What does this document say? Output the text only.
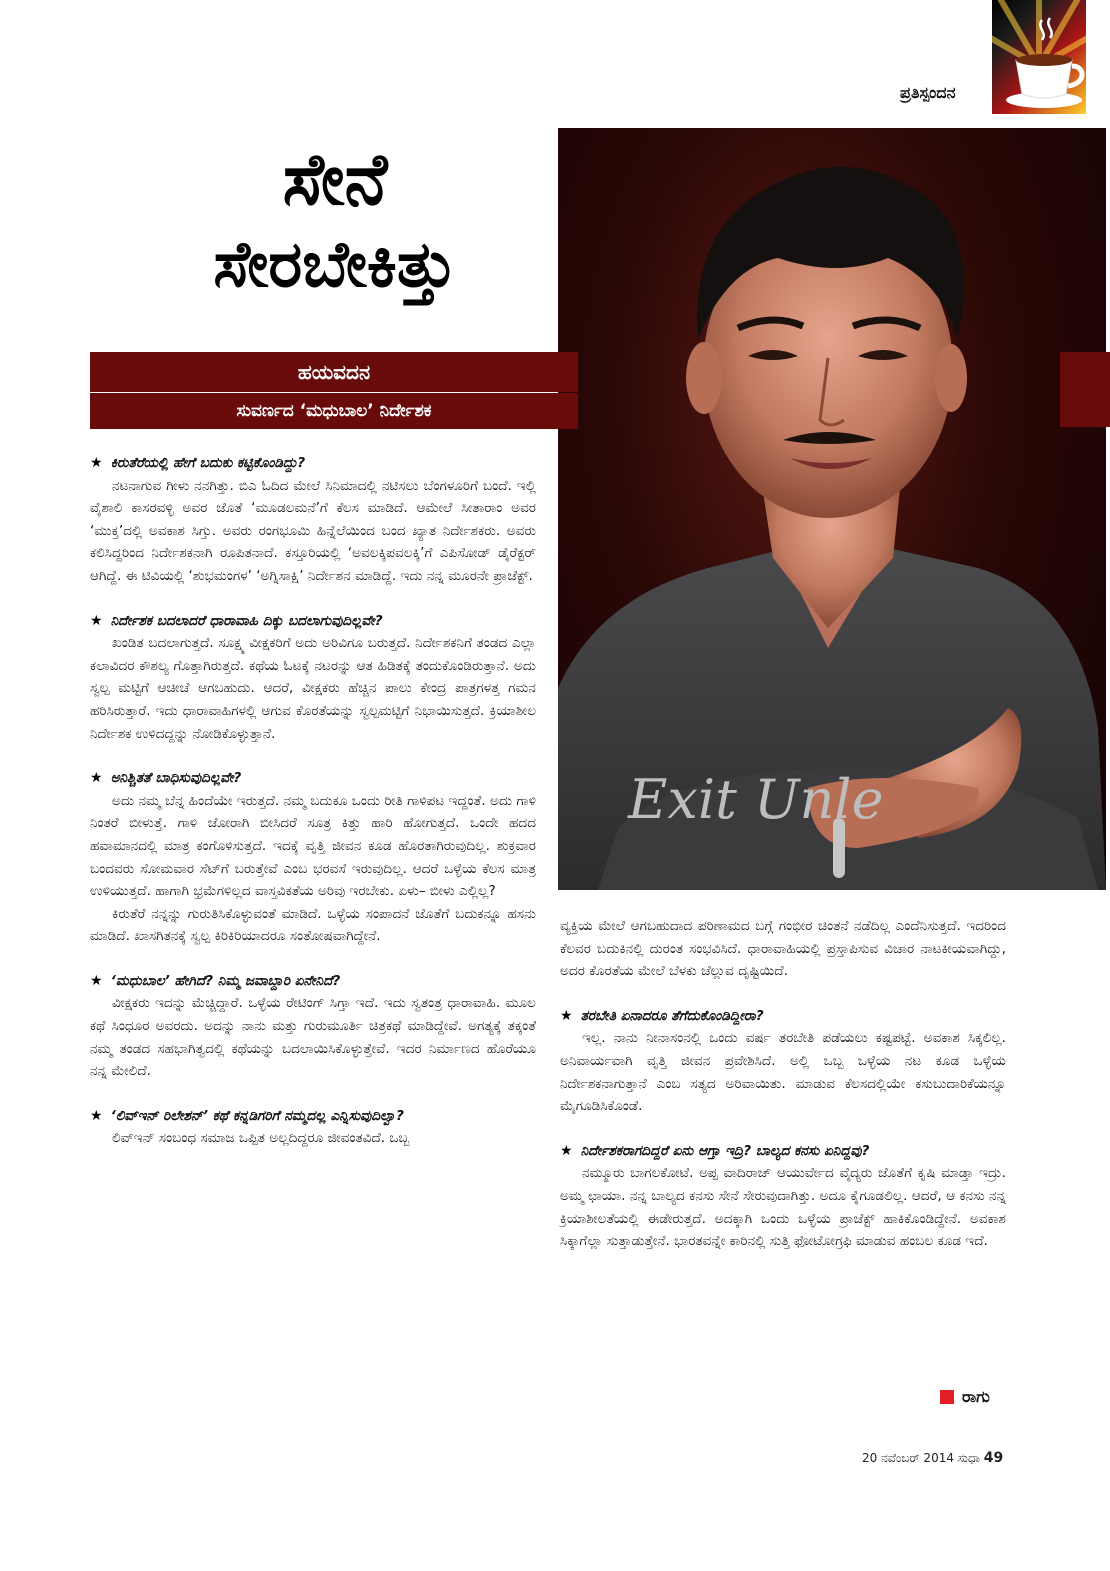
ಪ್ರತಿಸ್ಪಂದನ
ಸೇನೆ
ಸೇರಬೇಕಿತ್ತು
Exit Unle
ಹಯವದನ
ಸುವರ್ಣದ ‘ಮಧುಬಾಲ’ ನಿರ್ದೇಶಕ
★ ಕಿರುತೆರೆಯಲ್ಲಿ ಹೇಗೆ ಬದುಕು ಕಟ್ಟಿಕೊಂಡಿದ್ದು?

ನಟನಾಗುವ ಗೀಳು ನನಗಿತ್ತು. ಬಿಎ ಓದಿದ ಮೇಲೆ ಸಿನಿಮಾದಲ್ಲಿ ನಟಿಸಲು ಬೆಂಗಳೂರಿಗೆ ಬಂದೆ. ಇಲ್ಲಿ ವೈಶಾಲಿ ಕಾಸರವಳ್ಳಿ ಅವರ ಜೊತೆ ‘ಮೂಡಲಮನೆ’ಗೆ ಕೆಲಸ ಮಾಡಿದೆ. ಆಮೇಲೆ ಸೀತಾರಾಂ ಅವರ ‘ಮುಕ್ತ’ದಲ್ಲಿ ಅವಕಾಶ ಸಿಗ್ತು. ಅವರು ರಂಗಭೂಮಿ ಹಿನ್ನೆಲೆಯಿಂದ ಬಂದ ಖ್ಯಾತ ನಿರ್ದೇಶಕರು. ಅವರು ಕಲಿಸಿದ್ದರಿಂದ ನಿರ್ದೇಶಕನಾಗಿ ರೂಪಿತನಾದೆ. ಕಸ್ತೂರಿಯಲ್ಲಿ ‘ಅವಲಕ್ಕಿಪವಲಕ್ಕಿ’ಗೆ ಎಪಿಸೋಡ್ ಡೈರೆಕ್ಟರ್ ಆಗಿದ್ದೆ. ಈ ಟಿವಿಯಲ್ಲಿ ‘ಶುಭಮಂಗಳ’ ‘ಅಗ್ನಿಸಾಕ್ಷಿ’ ನಿರ್ದೇಶನ ಮಾಡಿದ್ದೆ. ಇದು ನನ್ನ ಮೂರನೇ ಪ್ರಾಜೆಕ್ಟ್.

★ ನಿರ್ದೇಶಕ ಬದಲಾದರೆ ಧಾರಾವಾಹಿ ದಿಕ್ಕು ಬದಲಾಗುವುದಿಲ್ಲವೇ?

ಖಂಡಿತ ಬದಲಾಗುತ್ತದೆ. ಸೂಕ್ಷ್ಮ ವೀಕ್ಷಕರಿಗೆ ಅದು ಅರಿವಿಗೂ ಬರುತ್ತದೆ. ನಿರ್ದೇಶಕನಿಗೆ ತಂಡದ ಎಲ್ಲಾ ಕಲಾವಿದರ ಕೌಶಲ್ಯ ಗೊತ್ತಾಗಿರುತ್ತದೆ. ಕಥೆಯ ಓಟಕ್ಕೆ ನಟರನ್ನು ಆತ ಹಿಡಿತಕ್ಕೆ ತಂದುಕೊಂಡಿರುತ್ತಾನೆ. ಅದು ಸ್ವಲ್ಪ ಮಟ್ಟಿಗೆ ಆಚೀಚೆ ಆಗಬಹುದು. ಆದರೆ, ವೀಕ್ಷಕರು ಹೆಚ್ಚಿನ ಪಾಲು ಕೇಂದ್ರ ಪಾತ್ರಗಳತ್ತ ಗಮನ ಹರಿಸಿರುತ್ತಾರೆ. ಇದು ಧಾರಾವಾಹಿಗಳಲ್ಲಿ ಆಗುವ ಕೊರತೆಯನ್ನು ಸ್ವಲ್ಪಮಟ್ಟಿಗೆ ನಿಭಾಯಿಸುತ್ತದೆ. ಕ್ರಿಯಾಶೀಲ ನಿರ್ದೇಶಕ ಉಳಿದದ್ದನ್ನು ನೋಡಿಕೊಳ್ಳುತ್ತಾನೆ.

★ ಅನಿಶ್ಚಿತತೆ ಬಾಧಿಸುವುದಿಲ್ಲವೇ?

ಅದು ನಮ್ಮ ಬೆನ್ನ ಹಿಂದೆಯೇ ಇರುತ್ತದೆ. ನಮ್ಮ ಬದುಕೂ ಒಂದು ರೀತಿ ಗಾಳಿಪಟ ಇದ್ದಂತೆ. ಅದು ಗಾಳಿ ನಿಂತರೆ ಬೀಳುತ್ತೆ. ಗಾಳಿ ಜೋರಾಗಿ ಬೀಸಿದರೆ ಸೂತ್ರ ಕಿತ್ತು ಹಾರಿ ಹೋಗುತ್ತದೆ. ಒಂದೇ ಹದದ ಹವಾಮಾನದಲ್ಲಿ ಮಾತ್ರ ಕಂಗೊಳಿಸುತ್ತದೆ. ಇದಕ್ಕೆ ವೃತ್ತಿ ಜೀವನ ಕೂಡ ಹೊರತಾಗಿರುವುದಿಲ್ಲ. ಶುಕ್ರವಾರ ಬಂದವರು ಸೋಮವಾರ ಸೆಟ್‌ಗೆ ಬರುತ್ತೇವೆ ಎಂಬ ಭರವಸೆ ಇರುವುದಿಲ್ಲ. ಆದರೆ ಒಳ್ಳೆಯ ಕೆಲಸ ಮಾತ್ರ ಉಳಿಯುತ್ತದೆ. ಹಾಗಾಗಿ ಭ್ರಮೆಗಳಿಲ್ಲದ ವಾಸ್ತವಿಕತೆಯ ಅರಿವು ಇರಬೇಕು. ಏಳು– ಬೀಳು ಎಲ್ಲಿಲ್ಲ?

ಕಿರುತೆರೆ ನನ್ನನ್ನು ಗುರುತಿಸಿಕೊಳ್ಳುವಂತೆ ಮಾಡಿದೆ. ಒಳ್ಳೆಯ ಸಂಪಾದನೆ ಜೊತೆಗೆ ಬದುಕನ್ನೂ ಹಸನು ಮಾಡಿದೆ. ಖಾಸಗಿತನಕ್ಕೆ ಸ್ವಲ್ಪ ಕಿರಿಕಿರಿಯಾದರೂ ಸಂತೋಷವಾಗಿದ್ದೇನೆ.

★ ‘ಮಧುಬಾಲ’ ಹೇಗಿದೆ? ನಿಮ್ಮ ಜವಾಬ್ದಾರಿ ಏನೇನಿದೆ?

ವೀಕ್ಷಕರು ಇದನ್ನು ಮೆಚ್ಚಿದ್ದಾರೆ. ಒಳ್ಳೆಯ ರೇಟಿಂಗ್ ಸಿಗ್ತಾ ಇದೆ. ಇದು ಸ್ವತಂತ್ರ ಧಾರಾವಾಹಿ. ಮೂಲ ಕಥೆ ಸಿಂಧೂರ ಅವರದು. ಅದನ್ನು ನಾನು ಮತ್ತು ಗುರುಮೂರ್ತಿ ಚಿತ್ರಕಥೆ ಮಾಡಿದ್ದೇವೆ. ಅಗತ್ಯಕ್ಕೆ ತಕ್ಕಂತೆ ನಮ್ಮ ತಂಡದ ಸಹಭಾಗಿತ್ವದಲ್ಲಿ ಕಥೆಯನ್ನು ಬದಲಾಯಿಸಿಕೊಳ್ಳುತ್ತೇವೆ. ಇದರ ನಿರ್ಮಾಣದ ಹೊರೆಯೂ ನನ್ನ ಮೇಲಿದೆ.

★ ‘ಲಿವ್‌ಇನ್ ರಿಲೇಶನ್’ ಕಥೆ ಕನ್ನಡಿಗರಿಗೆ ನಮ್ಮದಲ್ಲ ಎನ್ನಿಸುವುದಿಲ್ವಾ?

ಲಿವ್‌ಇನ್ ಸಂಬಂಧ ಸಮಾಜ ಒಪ್ಪಿತ ಅಲ್ಲದಿದ್ದರೂ ಜೀವಂತವಿದೆ. ಒಬ್ಬ

ವ್ಯಕ್ತಿಯ ಮೇಲೆ ಆಗಬಹುದಾದ ಪರಿಣಾಮದ ಬಗ್ಗೆ ಗಂಭೀರ ಚಿಂತನೆ ನಡೆದಿಲ್ಲ ಎಂದೆನಿಸುತ್ತದೆ. ಇದರಿಂದ ಕೆಲವರ ಬದುಕಿನಲ್ಲಿ ದುರಂತ ಸಂಭವಿಸಿದೆ. ಧಾರಾವಾಹಿಯಲ್ಲಿ ಪ್ರಸ್ತಾಪಿಸುವ ವಿಚಾರ ನಾಟಕೀಯವಾಗಿದ್ದು, ಅದರ ಕೊರತೆಯ ಮೇಲೆ ಬೆಳಕು ಚೆಲ್ಲುವ ದೃಷ್ಟಿಯಿದೆ.

★ ತರಬೇತಿ ಏನಾದರೂ ತೆಗೆದುಕೊಂಡಿದ್ದೀರಾ?

ಇಲ್ಲ. ನಾನು ನೀನಾಸಂನಲ್ಲಿ ಒಂದು ವರ್ಷ ತರಬೇತಿ ಪಡೆಯಲು ಕಷ್ಟಪಟ್ಟೆ. ಅವಕಾಶ ಸಿಕ್ಕಲಿಲ್ಲ. ಅನಿವಾರ್ಯವಾಗಿ ವೃತ್ತಿ ಜೀವನ ಪ್ರವೇಶಿಸಿದೆ. ಅಲ್ಲಿ ಒಬ್ಬ ಒಳ್ಳೆಯ ನಟ ಕೂಡ ಒಳ್ಳೆಯ ನಿರ್ದೇಶಕನಾಗುತ್ತಾನೆ ಎಂಬ ಸತ್ಯದ ಅರಿವಾಯಿತು. ಮಾಡುವ ಕೆಲಸದಲ್ಲಿಯೇ ಕಸುಬುದಾರಿಕೆಯನ್ನೂ ಮೈಗೂಡಿಸಿಕೊಂಡೆ.

★ ನಿರ್ದೇಶಕರಾಗದಿದ್ದರೆ ಏನು ಆಗ್ತಾ ಇದ್ರಿ? ಬಾಲ್ಯದ ಕನಸು ಏನಿದ್ದವು?

ನಮ್ಮೂರು ಬಾಗಲಕೋಟೆ. ಅಪ್ಪ ವಾದಿರಾಜ್ ಆಯುರ್ವೇದ ವೈದ್ಯರು ಜೊತೆಗೆ ಕೃಷಿ ಮಾಡ್ತಾ ಇದ್ರು. ಅಮ್ಮ ಛಾಯಾ. ನನ್ನ ಬಾಲ್ಯದ ಕನಸು ಸೇನೆ ಸೇರುವುದಾಗಿತ್ತು. ಅದೂ ಕೈಗೂಡಲಿಲ್ಲ. ಆದರೆ, ಆ ಕನಸು ನನ್ನ ಕ್ರಿಯಾಶೀಲತೆಯಲ್ಲಿ ಈಡೇರುತ್ತದೆ. ಅದಕ್ಕಾಗಿ ಒಂದು ಒಳ್ಳೆಯ ಪ್ರಾಜೆಕ್ಟ್ ಹಾಕಿಕೊಂಡಿದ್ದೇನೆ. ಅವಕಾಶ ಸಿಕ್ಕಾಗೆಲ್ಲಾ ಸುತ್ತಾಡುತ್ತೇನೆ. ಭಾರತವನ್ನೇ ಕಾರಿನಲ್ಲಿ ಸುತ್ತಿ ಫೋಟೋಗ್ರಫಿ ಮಾಡುವ ಹಂಬಲ ಕೂಡ ಇದೆ.

ರಾಗು
20 ನವೆಂಬರ್ 2014 ಸುಧಾ 49
